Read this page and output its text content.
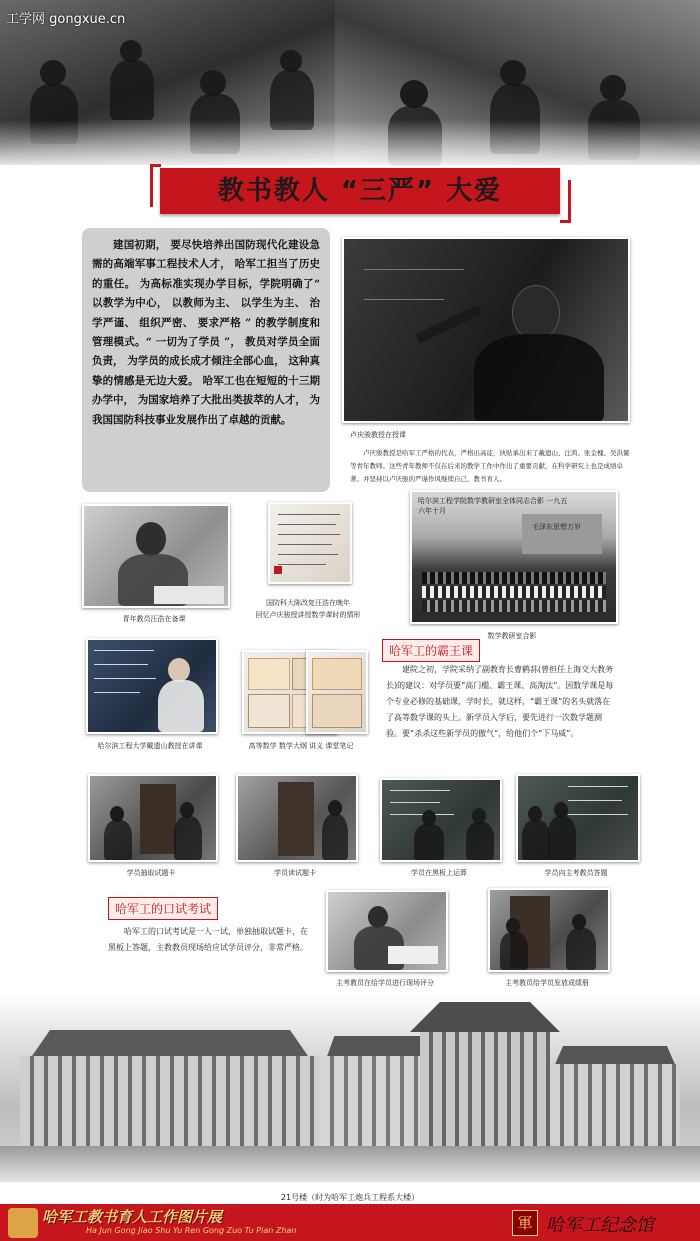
工学网 gongxue.cn
教书教人 “三严” 大爱

建国初期， 要尽快培养出国防现代化建设急需的高端军事工程技术人才， 哈军工担当了历史的重任。 为高标准实现办学目标，学院明确了“ 以教学为中心， 以教师为主、 以学生为主、 治学严谨、 组织严密、 要求严格 ” 的教学制度和管理模式。“ 一切为了学员 ”， 教员对学员全面负责， 为学员的成长成才倾注全部心血， 这种真挚的情感是无边大爱。 哈军工也在短短的十三期办学中， 为国家培养了大批出类拔萃的人才， 为我国国防科技事业发展作出了卓越的贡献。

卢庆骏教授在授课
卢庆骏教授是哈军工严格的代表，严格出高徒，执贴承出来了戴遗山、汪鸿、张金槐、吴洪鳌等青年教师。这些青年教师不仅在后来的教学工作中作出了重要贡献，在科学研究上也是成绩卓著。并坚持以卢庆骏的严谨作风继续自己，教书育人。
青年教员汪浩在备课
国防科大陈改复汪浩在晚年
回忆卢庆骏授讲授数学课时的情形
哈尔滨工程学院数学教研室全体同志合影 一九五六年十月
毛泽东思想万岁
数学教研室合影
哈尔滨工程大学戴遗山教授在讲课	高等数学 数学大纲 讲义 课堂笔记
哈军工的霸王课
建院之初，学院采纳了副教育长曹鹤荪(曾担任上海交大教务长)的建议：对学员要“高门槛、霸王课、高淘汰”。因数学课是每个专业必修的基础课，学时长，就这样，“霸王课”的名头就落在了高等数学课的头上。新学员入学后，要先进行一次数学题测验。要“杀杀这些新学员的傲气”，给他们个“下马威”。
学员抽取试题卡	学员读试题卡	学员在黑板上运算	学员向主考教员答题
哈军工的口试考试
哈军工的口试考试是一人一试，单独抽取试题卡，在黑板上答题，主教教员现场给应试学员评分，非常严格。
主考教员在给学员进行现场评分	主考教员给学员发放成绩册
21号楼（时为哈军工炮兵工程系大楼）
哈军工教书育人工作图片展
Ha Jun Gong Jiao Shu Yu Ren Gong Zuo Tu Pian Zhan	軍 哈军工纪念馆
